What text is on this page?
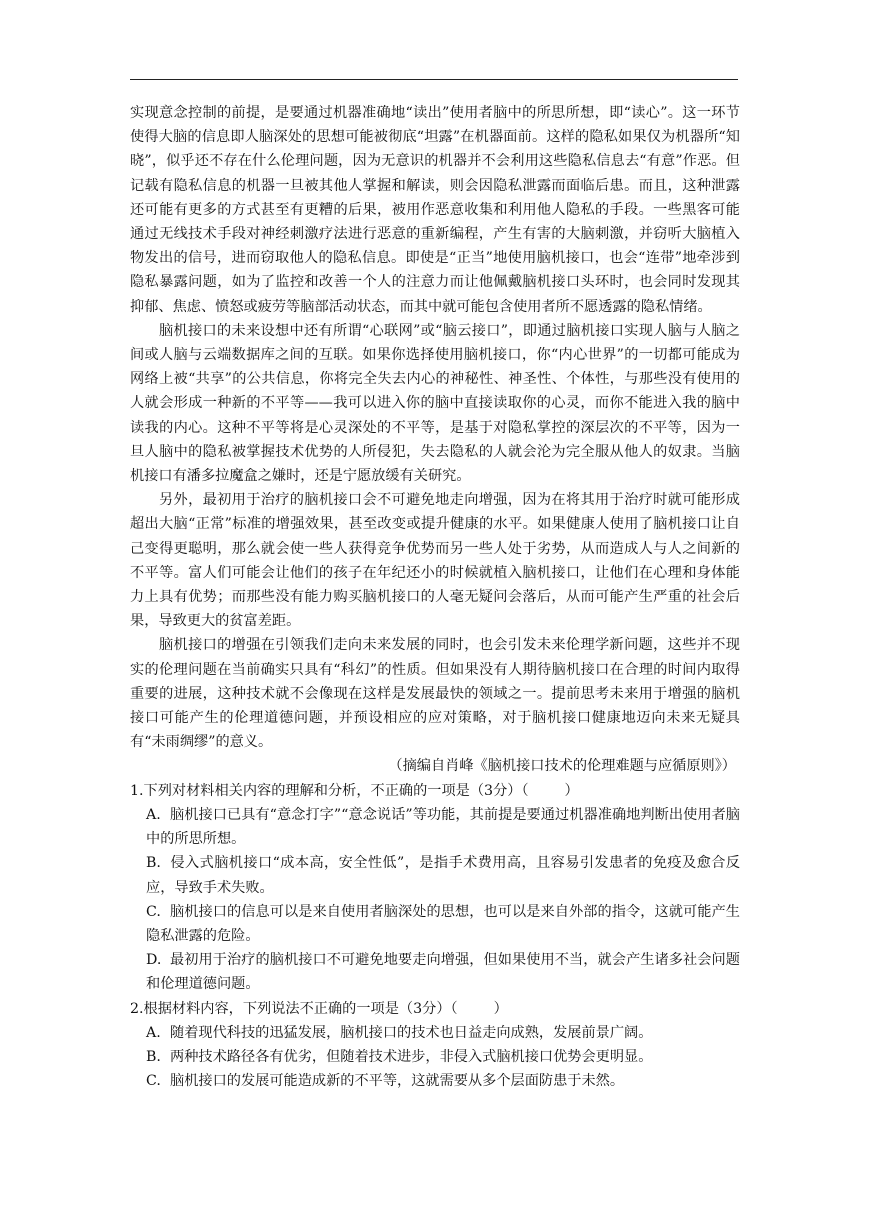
实现意念控制的前提，是要通过机器准确地“读出”使用者脑中的所思所想，即“读心”。这一环节使得大脑的信息即人脑深处的思想可能被彻底“坦露”在机器面前。这样的隐私如果仅为机器所“知晓”，似乎还不存在什么伦理问题，因为无意识的机器并不会利用这些隐私信息去“有意”作恶。但记载有隐私信息的机器一旦被其他人掌握和解读，则会因隐私泄露而面临后患。而且，这种泄露还可能有更多的方式甚至有更糟的后果，被用作恶意收集和利用他人隐私的手段。一些黑客可能通过无线技术手段对神经刺激疗法进行恶意的重新编程，产生有害的大脑刺激，并窃听大脑植入物发出的信号，进而窃取他人的隐私信息。即使是“正当”地使用脑机接口，也会“连带”地牵涉到隐私暴露问题，如为了监控和改善一个人的注意力而让他佩戴脑机接口头环时，也会同时发现其抑郁、焦虑、愤怒或疲劳等脑部活动状态，而其中就可能包含使用者所不愿透露的隐私情绪。

脑机接口的未来设想中还有所谓“心联网”或“脑云接口”，即通过脑机接口实现人脑与人脑之间或人脑与云端数据库之间的互联。如果你选择使用脑机接口，你“内心世界”的一切都可能成为网络上被“共享”的公共信息，你将完全失去内心的神秘性、神圣性、个体性，与那些没有使用的人就会形成一种新的不平等——我可以进入你的脑中直接读取你的心灵，而你不能进入我的脑中读我的内心。这种不平等将是心灵深处的不平等，是基于对隐私掌控的深层次的不平等，因为一旦人脑中的隐私被掌握技术优势的人所侵犯，失去隐私的人就会沦为完全服从他人的奴隶。当脑机接口有潘多拉魔盒之嫌时，还是宁愿放缓有关研究。

另外，最初用于治疗的脑机接口会不可避免地走向增强，因为在将其用于治疗时就可能形成超出大脑“正常”标准的增强效果，甚至改变或提升健康的水平。如果健康人使用了脑机接口让自己变得更聪明，那么就会使一些人获得竞争优势而另一些人处于劣势，从而造成人与人之间新的不平等。富人们可能会让他们的孩子在年纪还小的时候就植入脑机接口，让他们在心理和身体能力上具有优势；而那些没有能力购买脑机接口的人毫无疑问会落后，从而可能产生严重的社会后果，导致更大的贫富差距。

脑机接口的增强在引领我们走向未来发展的同时，也会引发未来伦理学新问题，这些并不现实的伦理问题在当前确实只具有“科幻”的性质。但如果没有人期待脑机接口在合理的时间内取得重要的进展，这种技术就不会像现在这样是发展最快的领域之一。提前思考未来用于增强的脑机接口可能产生的伦理道德问题，并预设相应的应对策略，对于脑机接口健康地迈向未来无疑具有“未雨绸缪”的意义。

（摘编自肖峰《脑机接口技术的伦理难题与应循原则》）

1.下列对材料相关内容的理解和分析，不正确的一项是（3分）（	）

A. 脑机接口已具有“意念打字”“意念说话”等功能，其前提是要通过机器准确地判断出使用者脑中的所思所想。

B. 侵入式脑机接口“成本高，安全性低”，是指手术费用高，且容易引发患者的免疫及愈合反应，导致手术失败。

C. 脑机接口的信息可以是来自使用者脑深处的思想，也可以是来自外部的指令，这就可能产生隐私泄露的危险。

D. 最初用于治疗的脑机接口不可避免地要走向增强，但如果使用不当，就会产生诸多社会问题和伦理道德问题。

2.根据材料内容，下列说法不正确的一项是（3分）（	）

A. 随着现代科技的迅猛发展，脑机接口的技术也日益走向成熟，发展前景广阔。

B. 两种技术路径各有优劣，但随着技术进步，非侵入式脑机接口优势会更明显。

C. 脑机接口的发展可能造成新的不平等，这就需要从多个层面防患于未然。
